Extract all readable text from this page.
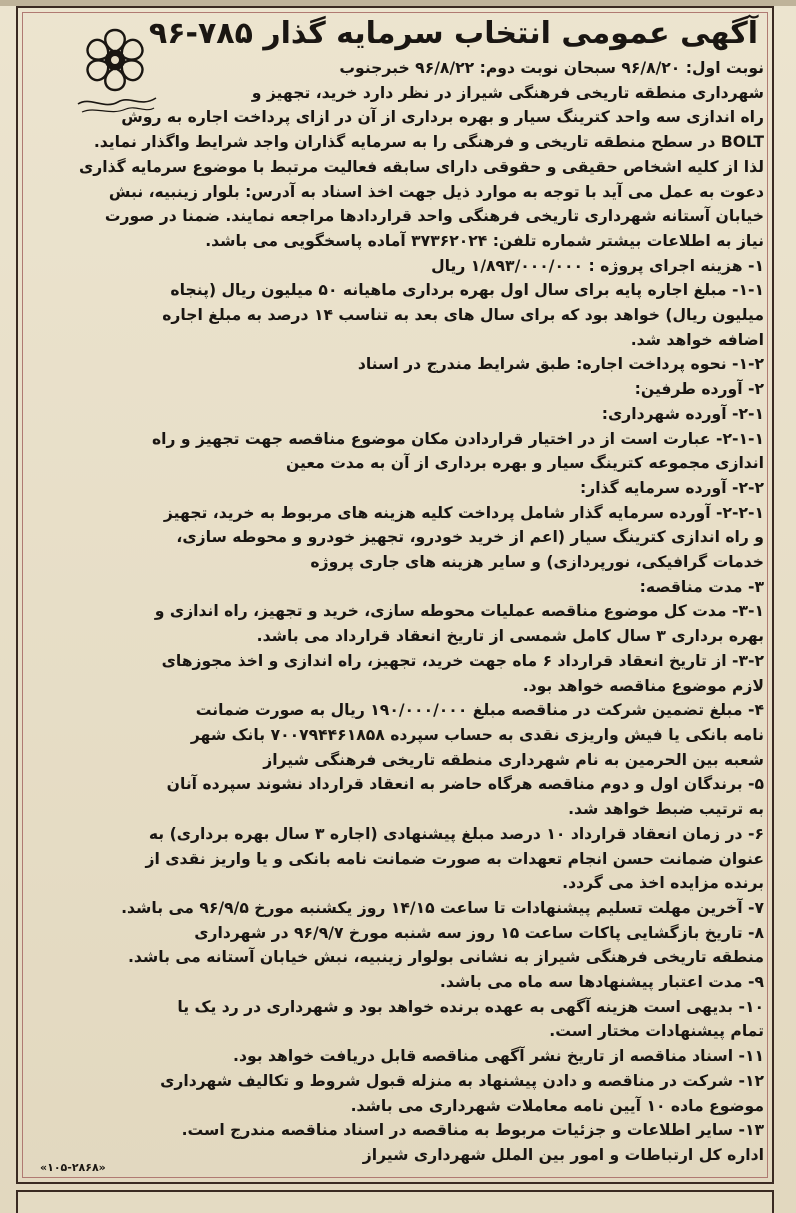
آگهی عمومی انتخاب سرمایه گذار ۷۸۵-۹۶
نوبت اول: ۹۶/۸/۲۰ سبحان نوبت دوم: ۹۶/۸/۲۲ خبرجنوب
شهرداری منطقه تاریخی فرهنگی شیراز در نظر دارد خرید، تجهیز و
راه اندازی سه واحد کترینگ سیار و بهره برداری از آن در ازای پرداخت اجاره به روش
BOLT در سطح منطقه تاریخی و فرهنگی را به سرمایه گذاران واجد شرایط واگذار نماید.
لذا از کلیه اشخاص حقیقی و حقوقی دارای سابقه فعالیت مرتبط با موضوع سرمایه گذاری
دعوت به عمل می آید با توجه به موارد ذیل جهت اخذ اسناد به آدرس: بلوار زینبیه، نبش
خیابان آستانه شهرداری تاریخی فرهنگی واحد قراردادها مراجعه نمایند. ضمنا در صورت
نیاز به اطلاعات بیشتر شماره تلفن: ۳۷۳۶۲۰۲۴ آماده پاسخگویی می باشد.
۱- هزینه اجرای پروژه : ۱/۸۹۳/۰۰۰/۰۰۰ ریال
۱-۱- مبلغ اجاره پایه برای سال اول بهره برداری ماهیانه ۵۰ میلیون ریال (پنجاه
میلیون ریال) خواهد بود که برای سال های بعد به تناسب ۱۴ درصد به مبلغ اجاره
اضافه خواهد شد.
۱-۲- نحوه پرداخت اجاره: طبق شرایط مندرج در اسناد
۲- آورده طرفین:
۲-۱- آورده شهرداری:
۲-۱-۱- عبارت است از در اختیار قراردادن مکان موضوع مناقصه جهت تجهیز و راه
اندازی مجموعه کترینگ سیار و بهره برداری از آن به مدت معین
۲-۲- آورده سرمایه گذار:
۲-۲-۱- آورده سرمایه گذار شامل پرداخت کلیه هزینه های مربوط به خرید، تجهیز
و راه اندازی کترینگ سیار (اعم از خرید خودرو، تجهیز خودرو و محوطه سازی،
خدمات گرافیکی، نورپردازی) و سایر هزینه های جاری پروژه
۳- مدت مناقصه:
۳-۱- مدت کل موضوع مناقصه عملیات محوطه سازی، خرید و تجهیز، راه اندازی و
بهره برداری ۳ سال کامل شمسی از تاریخ انعقاد قرارداد می باشد.
۳-۲- از تاریخ انعقاد قرارداد ۶ ماه جهت خرید، تجهیز، راه اندازی و اخذ مجوزهای
لازم موضوع مناقصه خواهد بود.
۴- مبلغ تضمین شرکت در مناقصه مبلغ ۱۹۰/۰۰۰/۰۰۰ ریال به صورت ضمانت
نامه بانکی یا فیش واریزی نقدی به حساب سپرده ۷۰۰۷۹۴۴۶۱۸۵۸ بانک شهر
شعبه بین الحرمین به نام شهرداری منطقه تاریخی فرهنگی شیراز
۵- برندگان اول و دوم مناقصه هرگاه حاضر به انعقاد قرارداد نشوند سپرده آنان
به ترتیب ضبط خواهد شد.
۶- در زمان انعقاد قرارداد ۱۰ درصد مبلغ پیشنهادی (اجاره ۳ سال بهره برداری) به
عنوان ضمانت حسن انجام تعهدات به صورت ضمانت نامه بانکی و یا واریز نقدی از
برنده مزایده اخذ می گردد.
۷- آخرین مهلت تسلیم پیشنهادات تا ساعت ۱۴/۱۵ روز یکشنبه مورخ ۹۶/۹/۵ می باشد.
۸- تاریخ بازگشایی پاکات ساعت ۱۵ روز سه شنبه مورخ ۹۶/۹/۷ در شهرداری
منطقه تاریخی فرهنگی شیراز به نشانی بولوار زینبیه، نبش خیابان آستانه می باشد.
۹- مدت اعتبار پیشنهادها سه ماه می باشد.
۱۰- بدیهی است هزینه آگهی به عهده برنده خواهد بود و شهرداری در رد یک یا
تمام پیشنهادات مختار است.
۱۱- اسناد مناقصه از تاریخ نشر آگهی مناقصه قابل دریافت خواهد بود.
۱۲- شرکت در مناقصه و دادن پیشنهاد به منزله قبول شروط و تکالیف شهرداری
موضوع ماده ۱۰ آیین نامه معاملات شهرداری می باشد.
۱۳- سایر اطلاعات و جزئیات مربوط به مناقصه در اسناد مناقصه مندرج است.
اداره کل ارتباطات و امور بین الملل شهرداری شیراز
«۱۰۵-۲۸۶۸»
